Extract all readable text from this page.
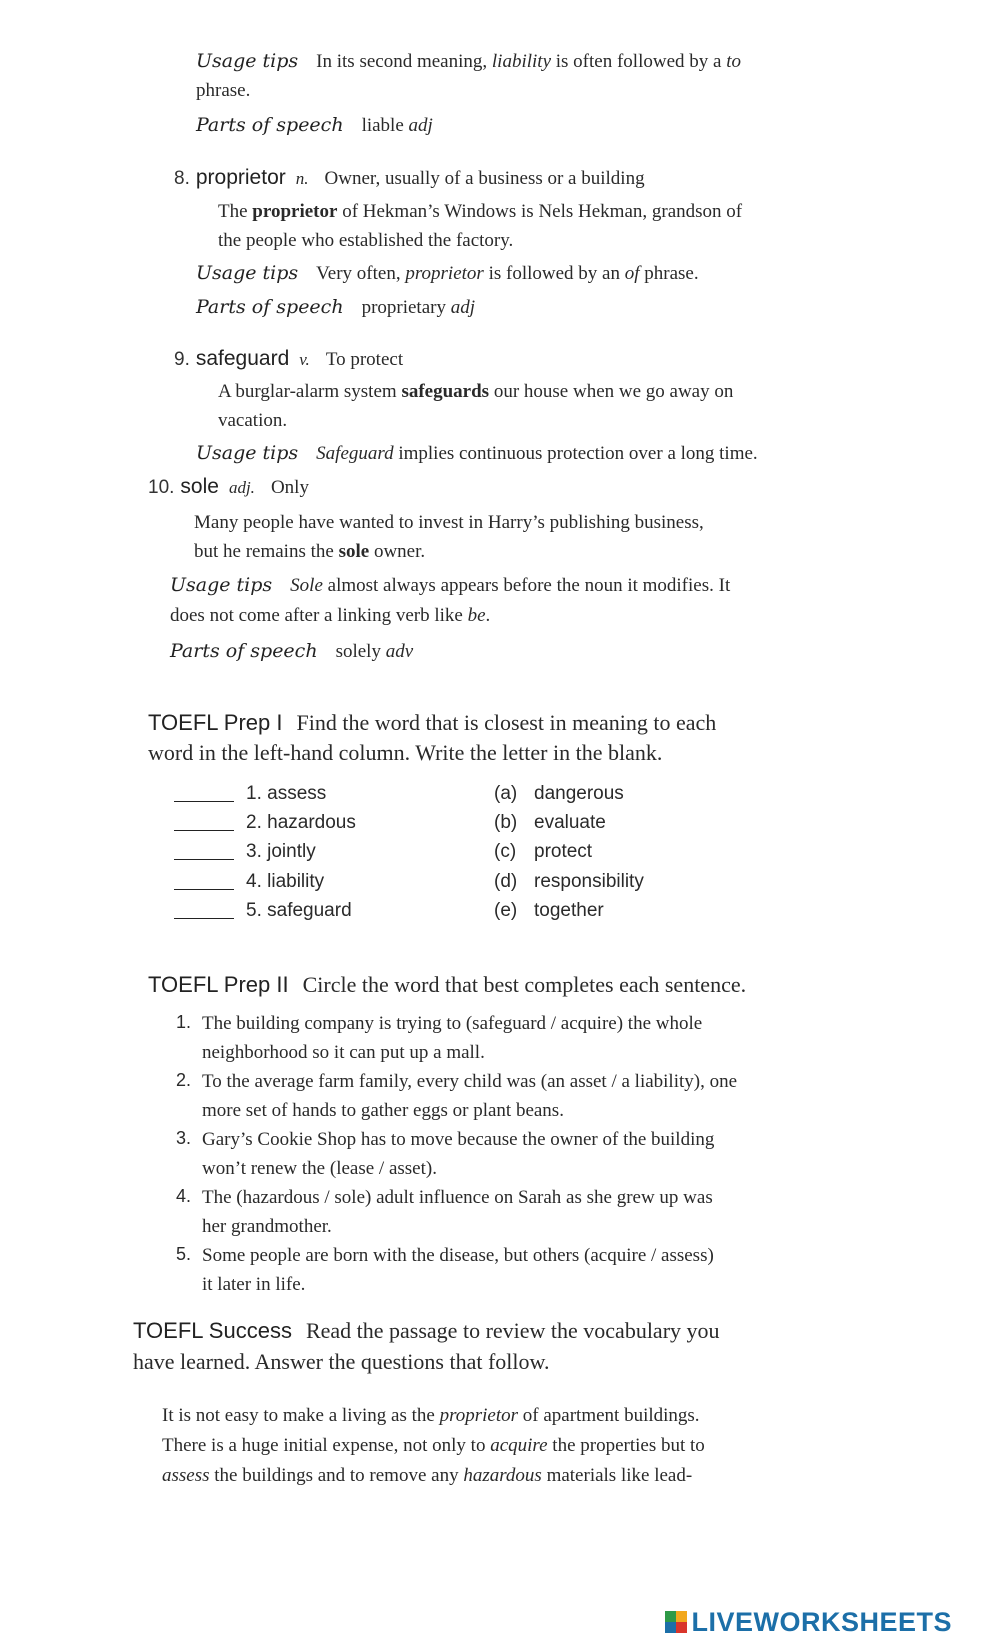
Usage tips In its second meaning, liability is often followed by a to
phrase.
Parts of speech liable adj
8. proprietor n. Owner, usually of a business or a building
The proprietor of Hekman’s Windows is Nels Hekman, grandson of
the people who established the factory.
Usage tips Very often, proprietor is followed by an of phrase.
Parts of speech proprietary adj
9. safeguard v. To protect
A burglar-alarm system safeguards our house when we go away on
vacation.
Usage tips Safeguard implies continuous protection over a long time.
10. sole adj. Only
Many people have wanted to invest in Harry’s publishing business,
but he remains the sole owner.
Usage tips Sole almost always appears before the noun it modifies. It
does not come after a linking verb like be.
Parts of speech solely adv
TOEFL Prep I Find the word that is closest in meaning to each
word in the left-hand column. Write the letter in the blank.
1. assess	(a) dangerous
2. hazardous	(b) evaluate
3. jointly	(c) protect
4. liability	(d) responsibility
5. safeguard	(e) together
TOEFL Prep II Circle the word that best completes each sentence.
1. The building company is trying to (safeguard / acquire) the whole
neighborhood so it can put up a mall.
2. To the average farm family, every child was (an asset / a liability), one
more set of hands to gather eggs or plant beans.
3. Gary’s Cookie Shop has to move because the owner of the building
won’t renew the (lease / asset).
4. The (hazardous / sole) adult influence on Sarah as she grew up was
her grandmother.
5. Some people are born with the disease, but others (acquire / assess)
it later in life.
TOEFL Success Read the passage to review the vocabulary you
have learned. Answer the questions that follow.
It is not easy to make a living as the proprietor of apartment buildings.
There is a huge initial expense, not only to acquire the properties but to
assess the buildings and to remove any hazardous materials like lead-
LIVEWORKSHEETS
